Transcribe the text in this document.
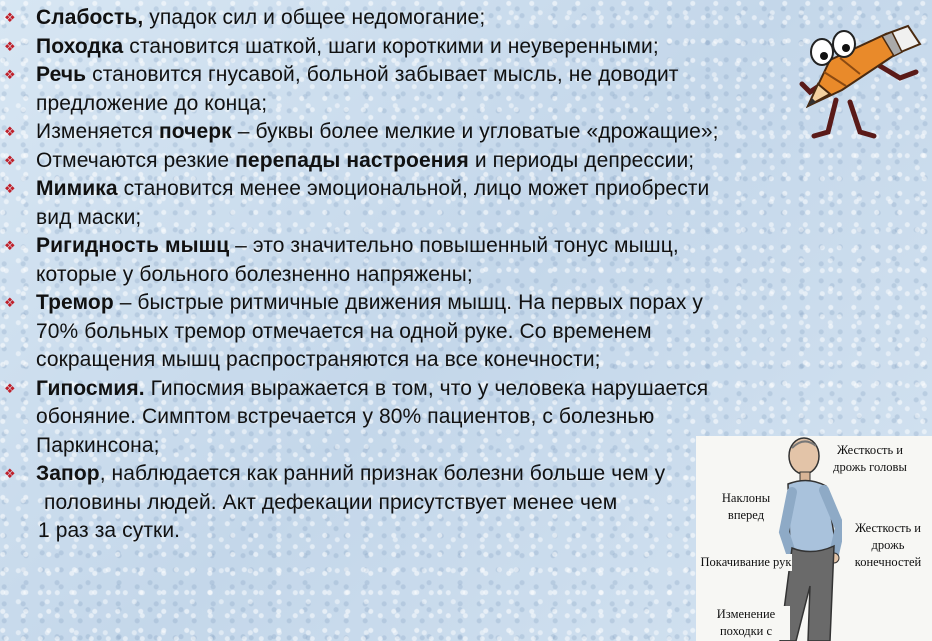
❖ Слабость, упадок сил и общее недомогание;
❖ Походка становится шаткой, шаги короткими и неуверенными;
❖ Речь становится гнусавой, больной забывает мысль, не доводит
предложение до конца;
❖ Изменяется почерк – буквы более мелкие и угловатые «дрожащие»;
❖ Отмечаются резкие перепады настроения и периоды депрессии;
❖ Мимика становится менее эмоциональной, лицо может приобрести
вид маски;
❖ Ригидность мышц – это значительно повышенный тонус мышц,
которые у больного болезненно напряжены;
❖ Тремор – быстрые ритмичные движения мышц. На первых порах у
70% больных тремор отмечается на одной руке. Со временем
сокращения мышц распространяются на все конечности;
❖ Гипосмия. Гипосмия выражается в том, что у человека нарушается
обоняние. Симптом встречается у 80% пациентов, с болезнью
Паркинсона;
❖ Запор, наблюдается как ранний признак болезни больше чем у
половины людей. Акт дефекации присутствует менее чем
1 раз за сутки.
Жесткость и дрожь головы
Наклоны вперед
Жесткость и дрожь конечностей
Покачивание рук
Изменение походки с
